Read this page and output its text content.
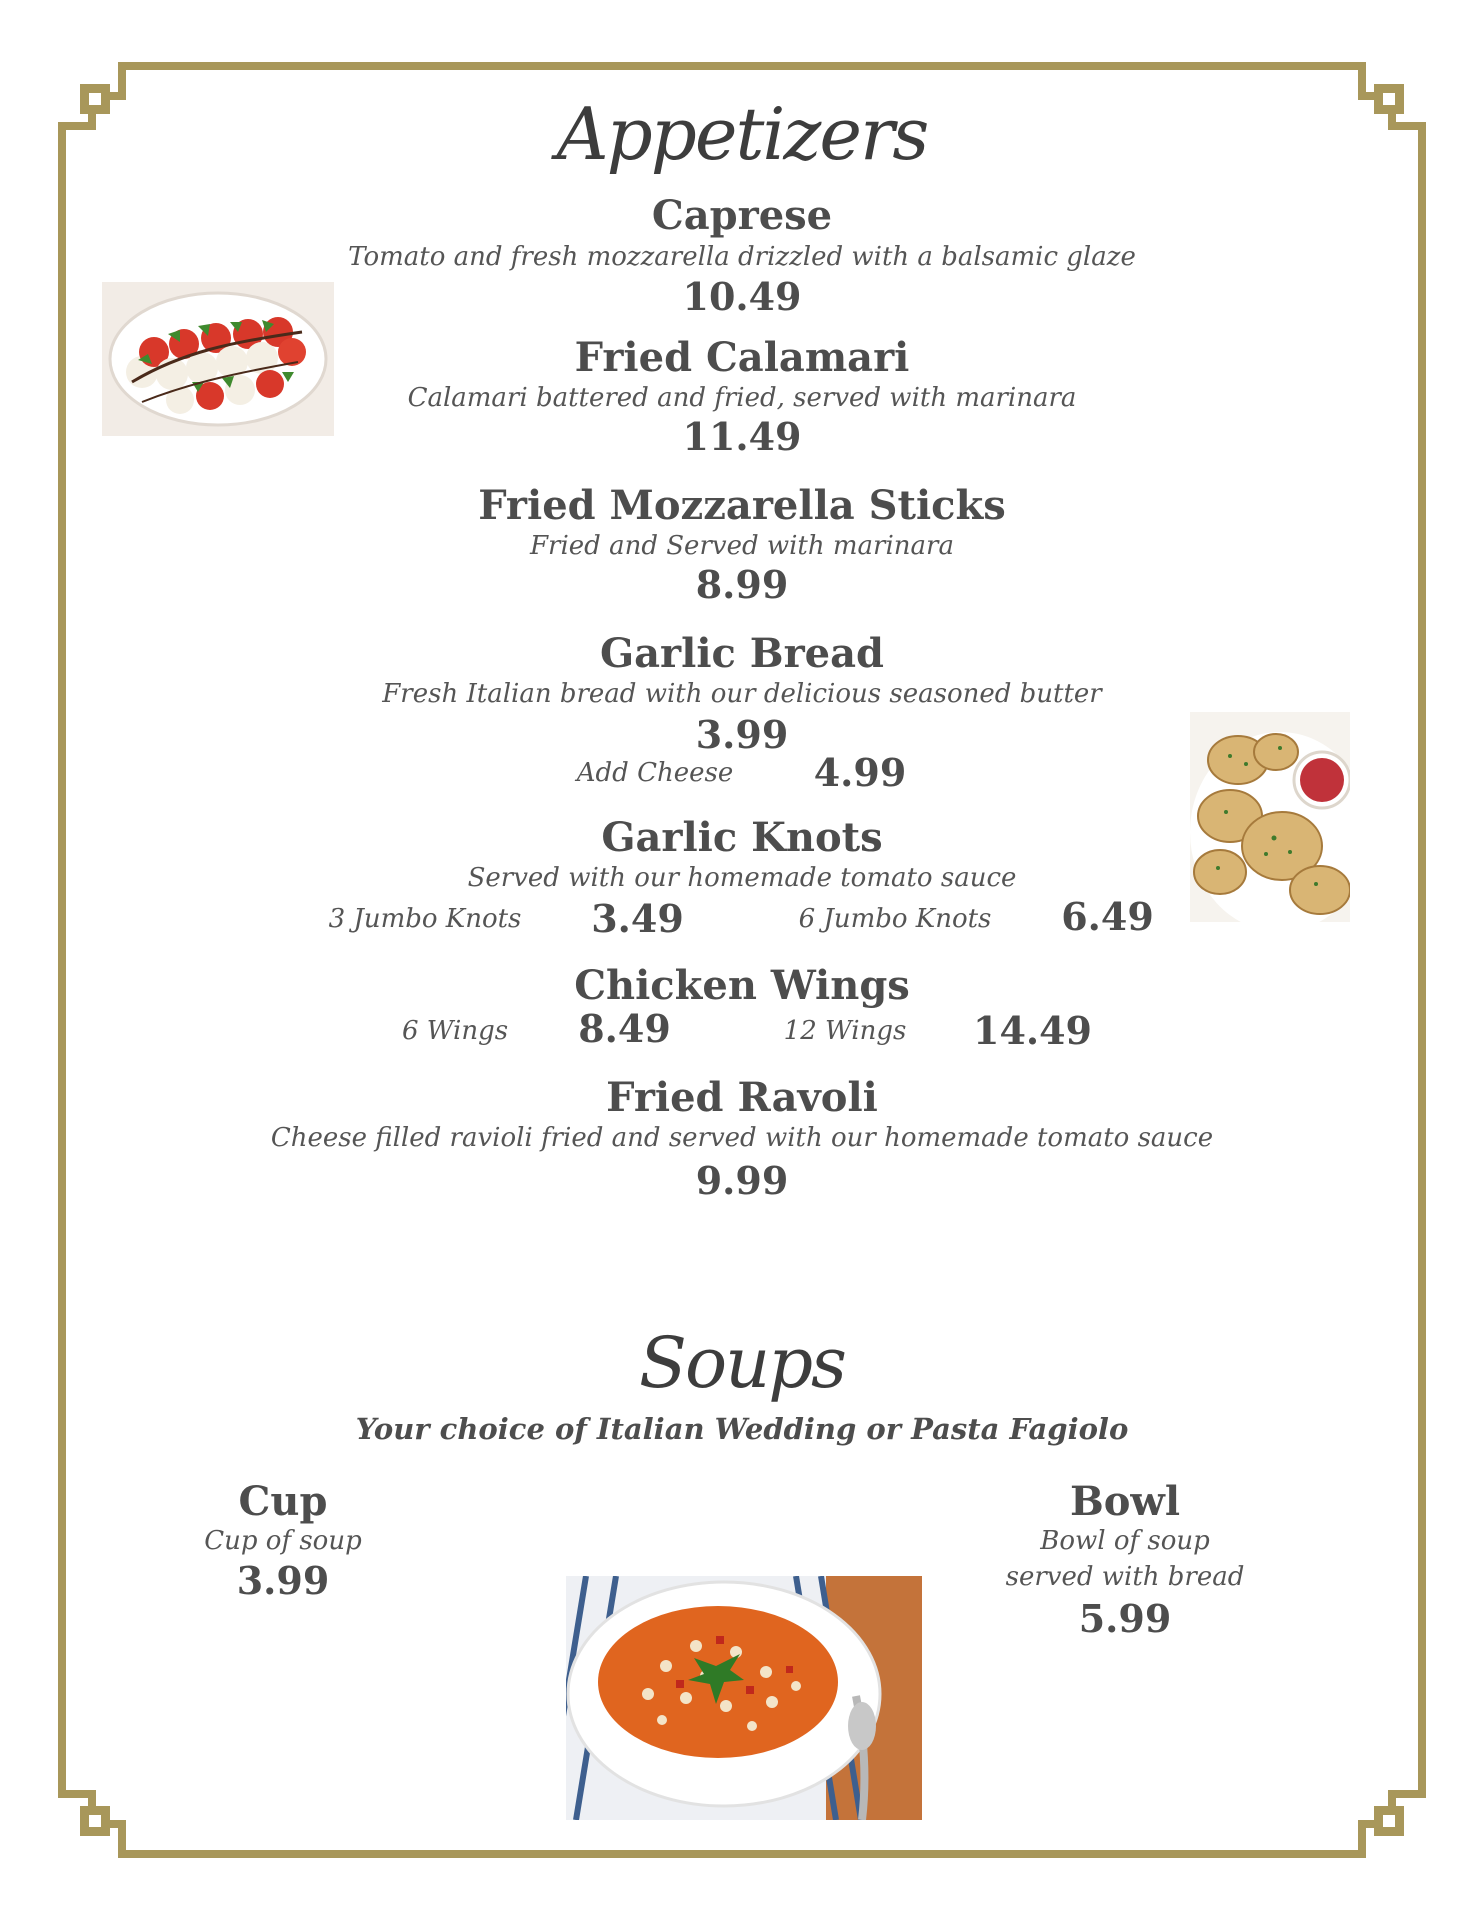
Appetizers
Caprese
Tomato and fresh mozzarella drizzled with a balsamic glaze
10.49
Fried Calamari
Calamari battered and fried, served with marinara
11.49
Fried Mozzarella Sticks
Fried and Served with marinara
8.99
Garlic Bread
Fresh Italian bread with our delicious seasoned butter
3.99
Add Cheese	4.99
Garlic Knots
Served with our homemade tomato sauce
3 Jumbo Knots	3.49	6 Jumbo Knots	6.49
Chicken Wings
6 Wings	8.49	12 Wings	14.49
Fried Ravoli
Cheese filled ravioli fried and served with our homemade tomato sauce
9.99
Soups
Your choice of Italian Wedding or Pasta Fagiolo
Cup
Cup of soup
3.99
Bowl
Bowl of soup
served with bread
5.99
